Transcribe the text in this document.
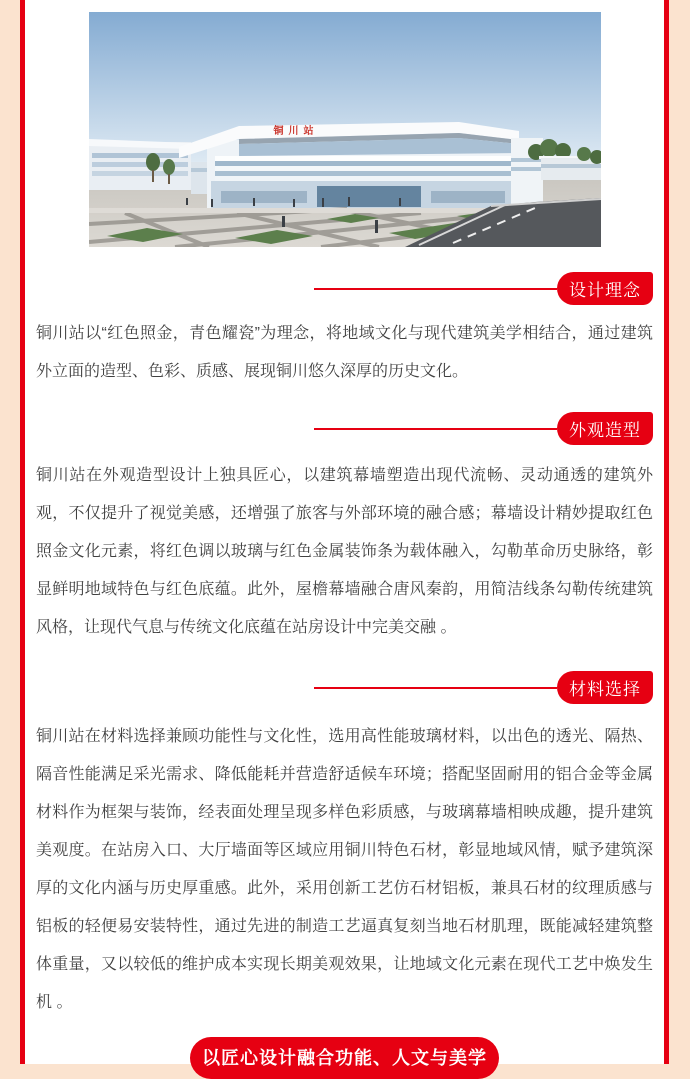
铜川站
设计理念

铜川站以“红色照金，青色耀瓷”为理念，将地域文化与现代建筑美学相结合，通过建筑外立面的造型、色彩、质感、展现铜川悠久深厚的历史文化。

外观造型

铜川站在外观造型设计上独具匠心，以建筑幕墙塑造出现代流畅、灵动通透的建筑外观，不仅提升了视觉美感，还增强了旅客与外部环境的融合感；幕墙设计精妙提取红色照金文化元素，将红色调以玻璃与红色金属装饰条为载体融入，勾勒革命历史脉络，彰显鲜明地域特色与红色底蕴。此外，屋檐幕墙融合唐风秦韵，用简洁线条勾勒传统建筑风格，让现代气息与传统文化底蕴在站房设计中完美交融 。

材料选择

铜川站在材料选择兼顾功能性与文化性，选用高性能玻璃材料，以出色的透光、隔热、隔音性能满足采光需求、降低能耗并营造舒适候车环境；搭配坚固耐用的铝合金等金属材料作为框架与装饰，经表面处理呈现多样色彩质感，与玻璃幕墙相映成趣，提升建筑美观度。在站房入口、大厅墙面等区域应用铜川特色石材，彰显地域风情，赋予建筑深厚的文化内涵与历史厚重感。此外，采用创新工艺仿石材铝板，兼具石材的纹理质感与铝板的轻便易安装特性，通过先进的制造工艺逼真复刻当地石材肌理，既能减轻建筑整体重量，又以较低的维护成本实现长期美观效果，让地域文化元素在现代工艺中焕发生机 。

以匠心设计融合功能、人文与美学
